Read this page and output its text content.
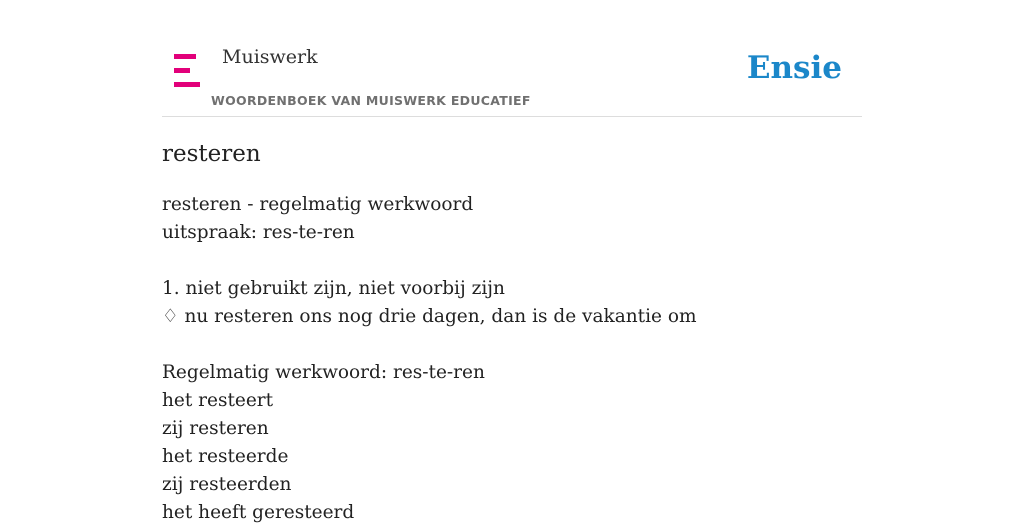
Muiswerk
WOORDENBOEK VAN MUISWERK EDUCATIEF
Ensie
resteren
resteren - regelmatig werkwoord
uitspraak: res-te-ren
1. niet gebruikt zijn, niet voorbij zijn
♢ nu resteren ons nog drie dagen, dan is de vakantie om
Regelmatig werkwoord: res-te-ren
het resteert
zij resteren
het resteerde
zij resteerden
het heeft geresteerd
